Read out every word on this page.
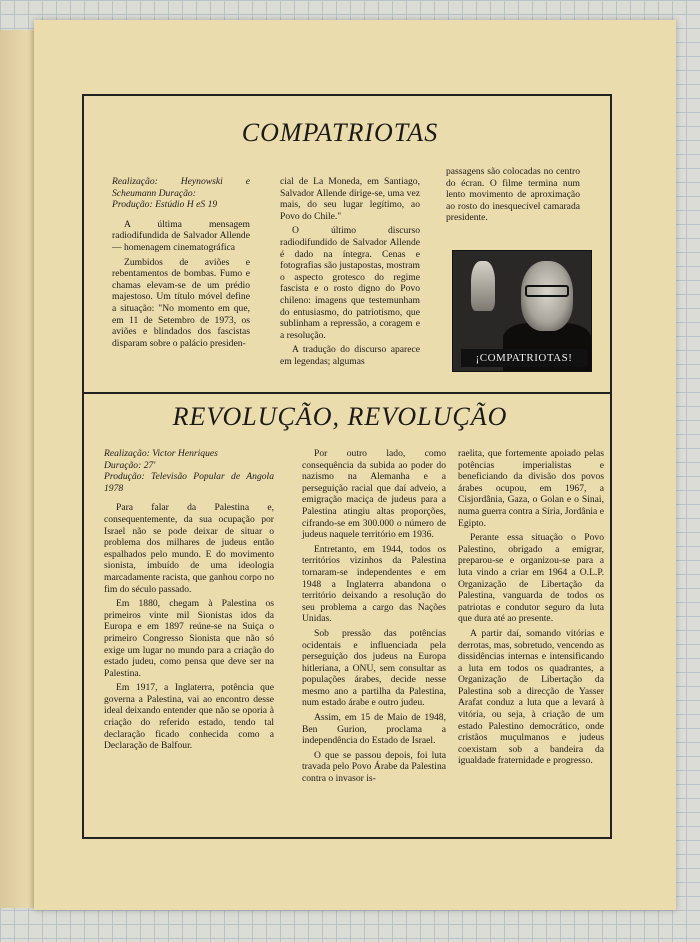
COMPATRIOTAS
Realização: Heynowski e Scheumann Duração:
Produção: Estúdio H eS 19

A última mensagem radiodifundida de Salvador Allende — homenagem cinematográfica

Zumbidos de aviões e rebentamentos de bombas. Fumo e chamas elevam-se de um prédio majestoso. Um título móvel define a situação: "No momento em que, em 11 de Setembro de 1973, os aviões e blindados dos fascistas disparam sobre o palácio presiden-

cial de La Moneda, em Santiago, Salvador Allende dirige-se, uma vez mais, do seu lugar legítimo, ao Povo do Chile."

O último discurso radiodifundido de Salvador Allende é dado na íntegra. Cenas e fotografias são justapostas, mostram o aspecto grotesco do regime fascista e o rosto digno do Povo chileno: imagens que testemunham do entusiasmo, do patriotismo, que sublinham a repressão, a coragem e a resolução.

A tradução do discurso aparece em legendas; algumas

passagens são colocadas no centro do écran. O filme termina num lento movimento de aproximação ao rosto do inesquecível camarada presidente.

¡COMPATRIOTAS!
REVOLUÇÃO, REVOLUÇÃO
Realização: Victor Henriques
Duração: 27'
Produção: Televisão Popular de Angola 1978

Para falar da Palestina e, consequentemente, da sua ocupação por Israel não se pode deixar de situar o problema dos milhares de judeus então espalhados pelo mundo. E do movimento sionista, imbuído de uma ideologia marcadamente racista, que ganhou corpo no fim do século passado.

Em 1880, chegam à Palestina os primeiros vinte mil Sionistas idos da Europa e em 1897 reúne-se na Suiça o primeiro Congresso Sionista que não só exige um lugar no mundo para a criação do estado judeu, como pensa que deve ser na Palestina.

Em 1917, a Inglaterra, potência que governa a Palestina, vai ao encontro desse ideal deixando entender que não se oporia à criação do referido estado, tendo tal declaração ficado conhecida como a Declaração de Balfour.

Por outro lado, como consequência da subida ao poder do nazismo na Alemanha e a perseguição racial que daí adveio, a emigração maciça de judeus para a Palestina atingiu altas proporções, cifrando-se em 300.000 o número de judeus naquele território em 1936.

Entretanto, em 1944, todos os territórios vizinhos da Palestina tornaram-se independentes e em 1948 a Inglaterra abandona o território deixando a resolução do seu problema a cargo das Nações Unidas.

Sob pressão das potências ocidentais e influenciada pela perseguição dos judeus na Europa hitleriana, a ONU, sem consultar as populações árabes, decide nesse mesmo ano a partilha da Palestina, num estado árabe e outro judeu.

Assim, em 15 de Maio de 1948, Ben Gurion, proclama a independência do Estado de Israel.

O que se passou depois, foi luta travada pelo Povo Árabe da Palestina contra o invasor is-

raelita, que fortemente apoiado pelas potências imperialistas e beneficiando da divisão dos povos árabes ocupou, em 1967, a Cisjordânia, Gaza, o Golan e o Sinai, numa guerra contra a Síria, Jordânia e Egipto.

Perante essa situação o Povo Palestino, obrigado a emigrar, preparou-se e organizou-se para a luta vindo a criar em 1964 a O.L.P. Organização de Libertação da Palestina, vanguarda de todos os patriotas e condutor seguro da luta que dura até ao presente.

A partir daí, somando vitórias e derrotas, mas, sobretudo, vencendo as dissidências internas e intensificando a luta em todos os quadrantes, a Organização de Libertação da Palestina sob a direcção de Yasser Arafat conduz a luta que a levará à vitória, ou seja, à criação de um estado Palestino democrático, onde cristãos muçulmanos e judeus coexistam sob a bandeira da igualdade fraternidade e progresso.
